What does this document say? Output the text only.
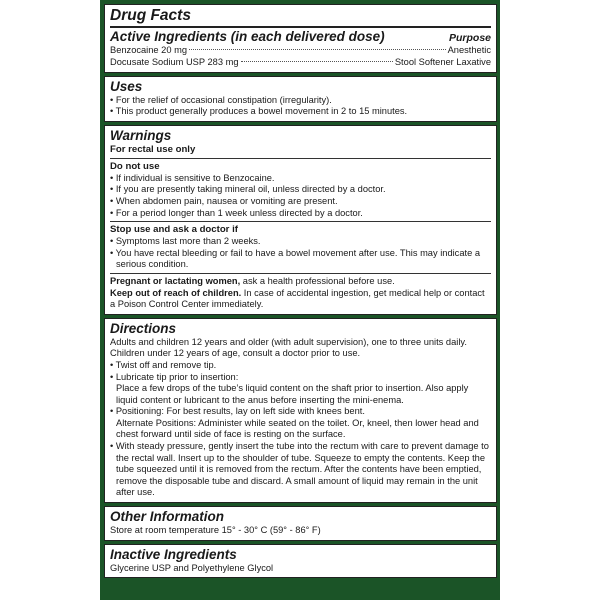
Drug Facts
Active Ingredients (in each delivered dose)	Purpose
Benzocaine 20 mg	Anesthetic
Docusate Sodium USP 283 mg	Stool Softener Laxative
Uses
• For the relief of occasional constipation (irregularity).
• This product generally produces a bowel movement in 2 to 15 minutes.
Warnings
For rectal use only
Do not use
• If individual is sensitive to Benzocaine.
• If you are presently taking mineral oil, unless directed by a doctor.
• When abdomen pain, nausea or vomiting are present.
• For a period longer than 1 week unless directed by a doctor.
Stop use and ask a doctor if
• Symptoms last more than 2 weeks.
• You have rectal bleeding or fail to have a bowel movement after use. This may indicate a serious condition.
Pregnant or lactating women, ask a health professional before use.
Keep out of reach of children. In case of accidental ingestion, get medical help or contact a Poison Control Center immediately.
Directions
Adults and children 12 years and older (with adult supervision), one to three units daily. Children under 12 years of age, consult a doctor prior to use.
• Twist off and remove tip.
• Lubricate tip prior to insertion:
Place a few drops of the tube’s liquid content on the shaft prior to insertion. Also apply liquid content or lubricant to the anus before inserting the mini-enema.
• Positioning: For best results, lay on left side with knees bent.
Alternate Positions: Administer while seated on the toilet. Or, kneel, then lower head and chest forward until side of face is resting on the surface.
• With steady pressure, gently insert the tube into the rectum with care to prevent damage to the rectal wall. Insert up to the shoulder of tube. Squeeze to empty the contents. Keep the tube squeezed until it is removed from the rectum. After the contents have been emptied, remove the disposable tube and discard. A small amount of liquid may remain in the unit after use.
Other Information
Store at room temperature 15° - 30° C (59° - 86° F)
Inactive Ingredients
Glycerine USP and Polyethylene Glycol
